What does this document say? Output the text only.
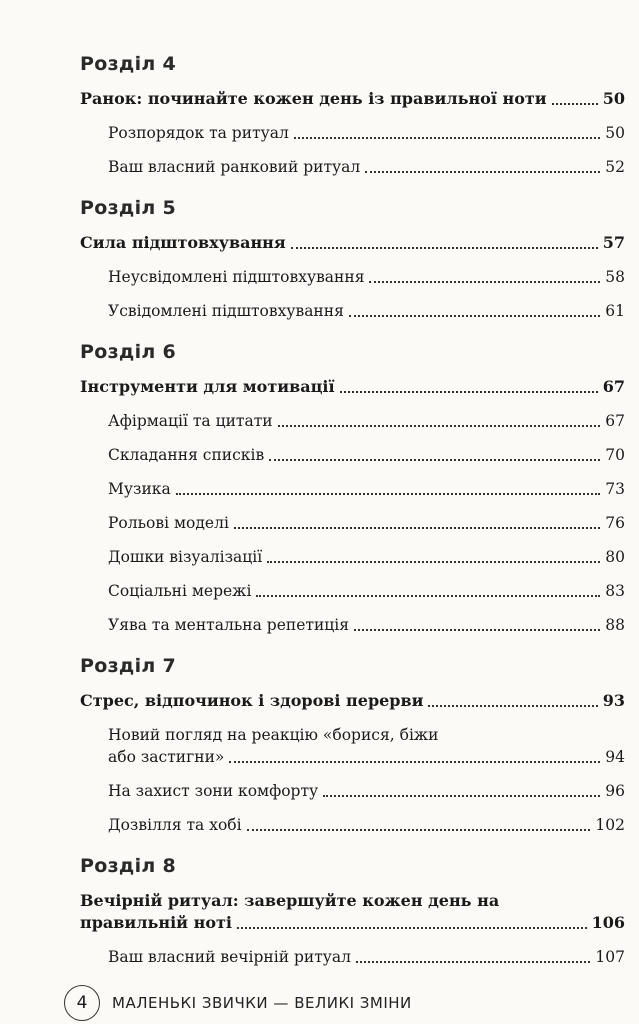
Розділ 4
Ранок: починайте кожен день із правильної ноти	50
Розпорядок та ритуал	50
Ваш власний ранковий ритуал	52
Розділ 5
Сила підштовхування	57
Неусвідомлені підштовхування	58
Усвідомлені підштовхування	61
Розділ 6
Інструменти для мотивації	67
Афірмації та цитати	67
Складання списків	70
Музика	73
Рольові моделі	76
Дошки візуалізації	80
Соціальні мережі	83
Уява та ментальна репетиція	88
Розділ 7
Стрес, відпочинок і здорові перерви	93
Новий погляд на реакцію «борися, біжи
або застигни»	94
На захист зони комфорту	96
Дозвілля та хобі	102
Розділ 8
Вечірній ритуал: завершуйте кожен день на
правильній ноті	106
Ваш власний вечірній ритуал	107
4 МАЛЕНЬКІ ЗВИЧКИ — ВЕЛИКІ ЗМІНИ
